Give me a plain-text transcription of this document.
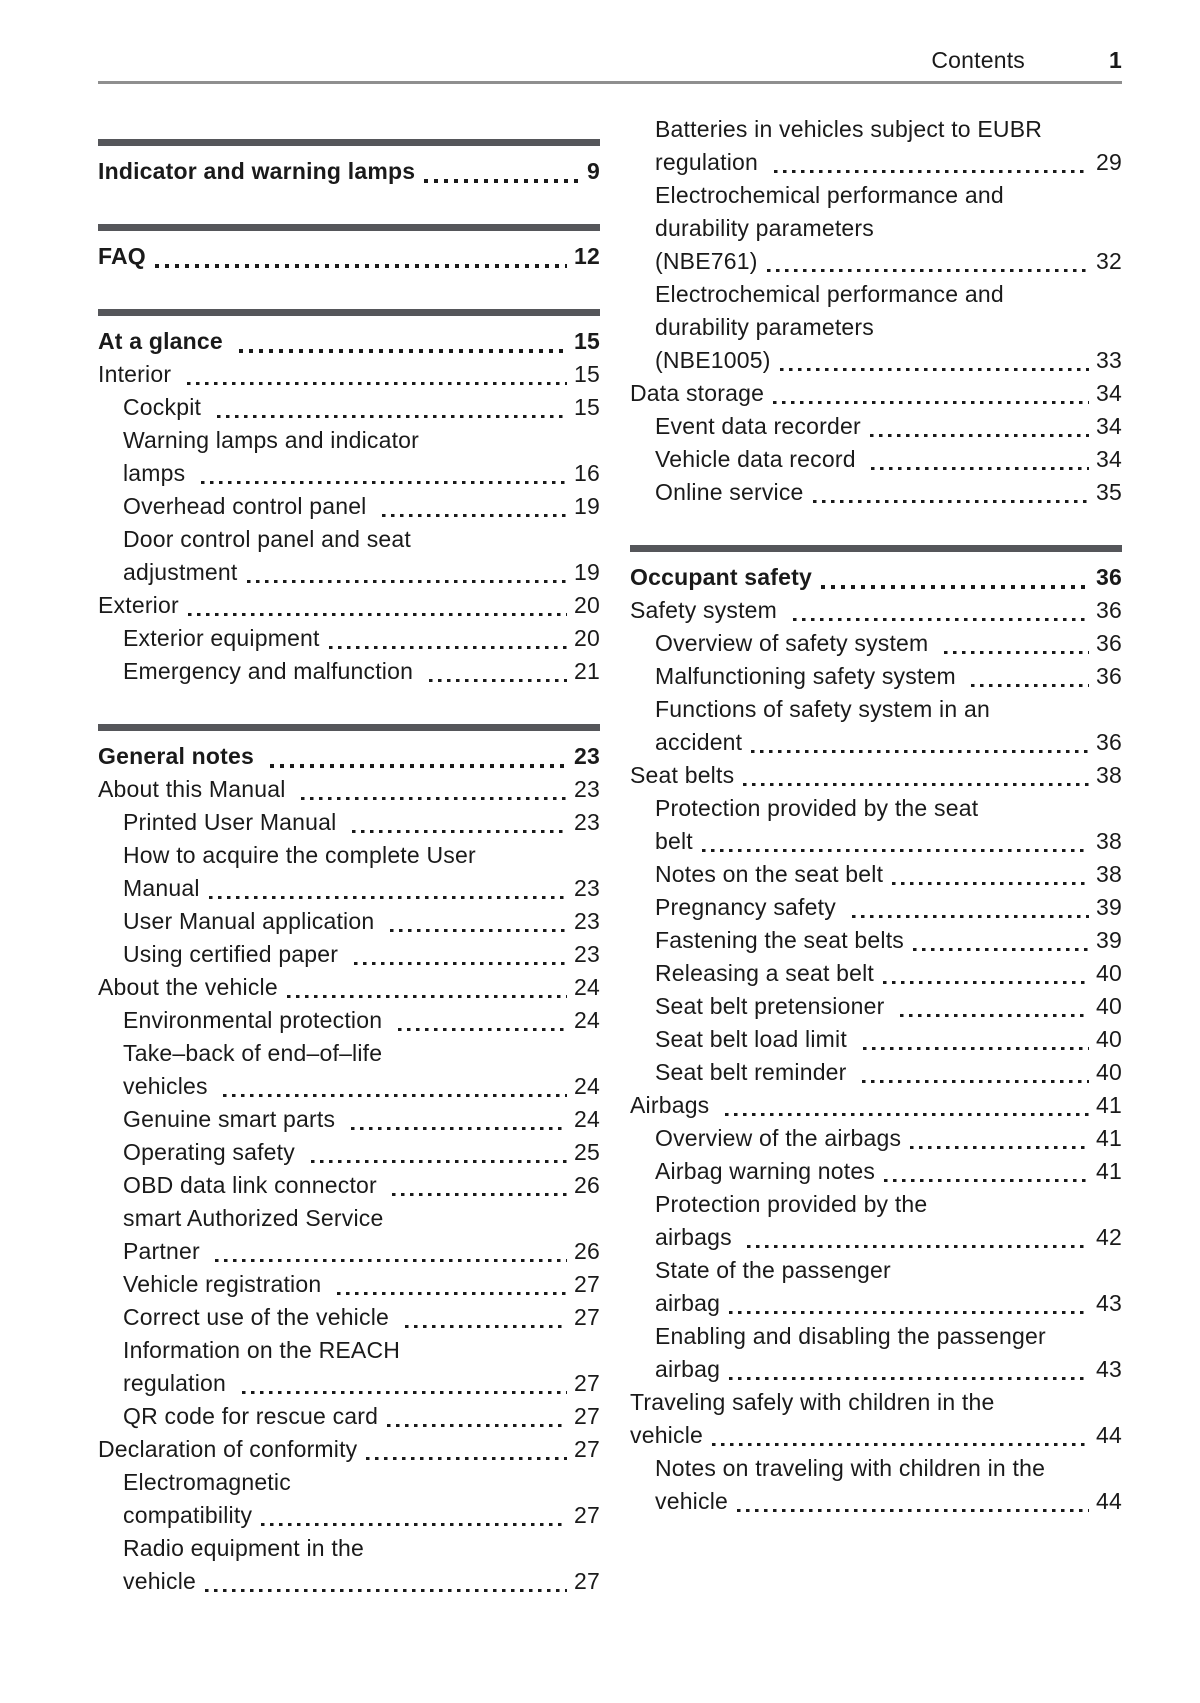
Contents	1
Indicator and warning lamps	9
FAQ	12
At a glance	15
Interior	15
Cockpit	15
Warning lamps and indicator
lamps	16
Overhead control panel	19
Door control panel and seat
adjustment	19
Exterior	20
Exterior equipment	20
Emergency and malfunction	21
General notes	23
About this Manual	23
Printed User Manual	23
How to acquire the complete User
Manual	23
User Manual application	23
Using certified paper	23
About the vehicle	24
Environmental protection	24
Take–back of end–of–life
vehicles	24
Genuine smart parts	24
Operating safety	25
OBD data link connector	26
smart Authorized Service
Partner	26
Vehicle registration	27
Correct use of the vehicle	27
Information on the REACH
regulation	27
QR code for rescue card	27
Declaration of conformity	27
Electromagnetic
compatibility	27
Radio equipment in the
vehicle	27
Batteries in vehicles subject to EUBR
regulation	29
Electrochemical performance and
durability parameters
(NBE761)	32
Electrochemical performance and
durability parameters
(NBE1005)	33
Data storage	34
Event data recorder	34
Vehicle data record	34
Online service	35
Occupant safety	36
Safety system	36
Overview of safety system	36
Malfunctioning safety system	36
Functions of safety system in an
accident	36
Seat belts	38
Protection provided by the seat
belt	38
Notes on the seat belt	38
Pregnancy safety	39
Fastening the seat belts	39
Releasing a seat belt	40
Seat belt pretensioner	40
Seat belt load limit	40
Seat belt reminder	40
Airbags	41
Overview of the airbags	41
Airbag warning notes	41
Protection provided by the
airbags	42
State of the passenger
airbag	43
Enabling and disabling the passenger
airbag	43
Traveling safely with children in the
vehicle	44
Notes on traveling with children in the
vehicle	44
